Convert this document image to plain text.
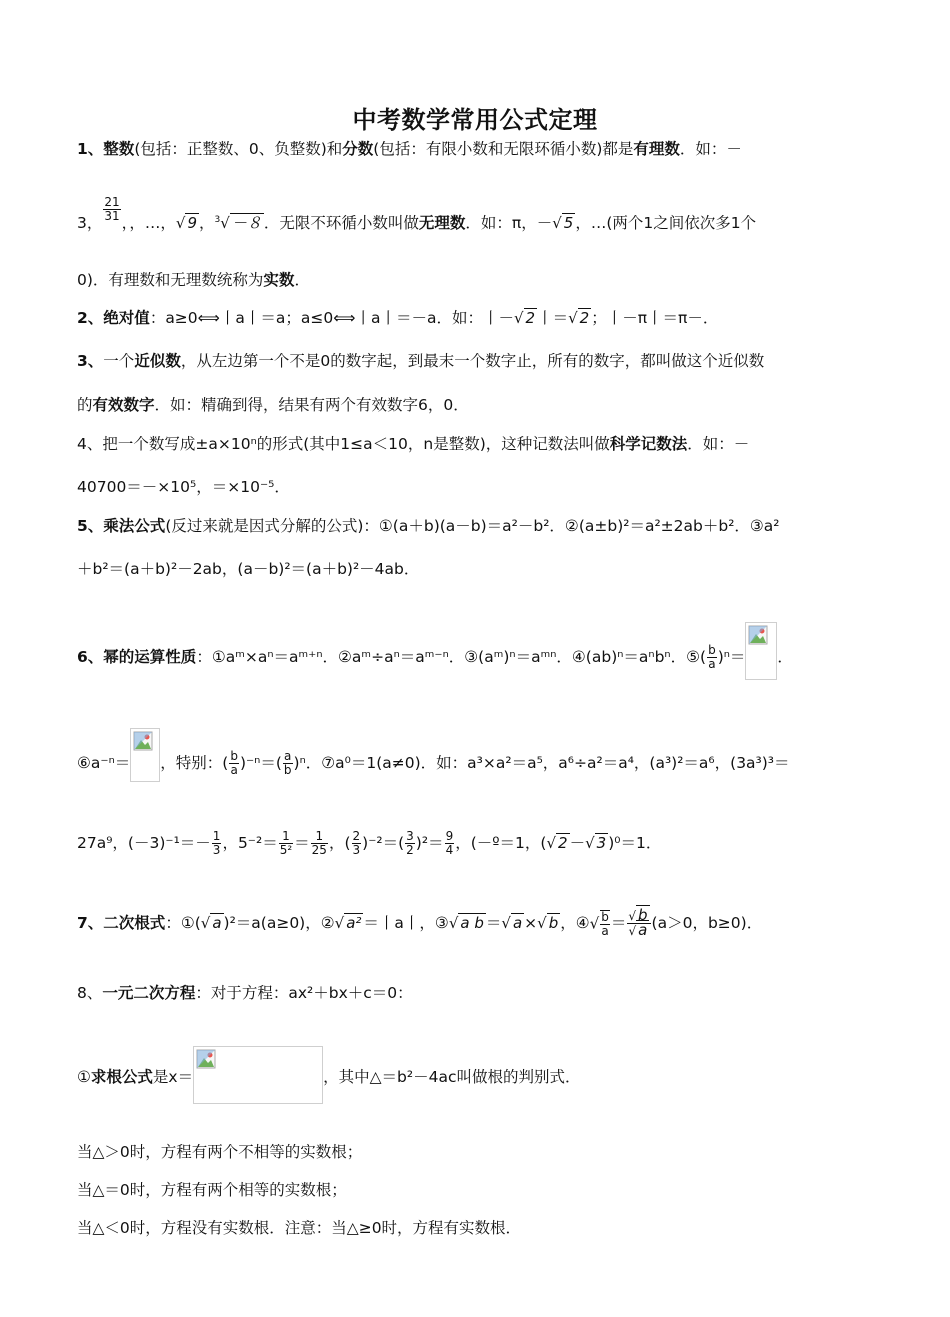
中考数学常用公式定理
1、整数(包括：正整数、0、负整数)和分数(包括：有限小数和无限环循小数)都是有理数．如：－
3， $\frac{21}{31}$ ，，…，√ 9 ，$^3$√ －８ ．无限不环循小数叫做无理数．如：π，－√ 5 ，…(两个1之间依次多1个
0)．有理数和无理数统称为实数．
2、绝对值：a≥0⟺丨a丨＝a；a≤0⟺丨a丨＝－a．如：丨－√ 2 丨＝√ 2 ；丨－π丨＝π－．
3、一个近似数，从左边第一个不是0的数字起，到最末一个数字止，所有的数字，都叫做这个近似数
的有效数字．如：精确到得，结果有两个有效数字6，0．
4、把一个数写成±a×10ⁿ的形式(其中1≤a＜10，n是整数)，这种记数法叫做科学记数法．如：－
40700＝－×10⁵，＝×10⁻⁵．
5、乘法公式(反过来就是因式分解的公式)：①(a＋b)(a－b)＝a²－b²．②(a±b)²＝a²±2ab＋b²．③a²
＋b²＝(a＋b)²－2ab，(a－b)²＝(a＋b)²－4ab．
6、幂的运算性质：①aᵐ×aⁿ＝aᵐ⁺ⁿ．②aᵐ÷aⁿ＝aᵐ⁻ⁿ．③(aᵐ)ⁿ＝aᵐⁿ．④(ab)ⁿ＝aⁿbⁿ．⑤( $\frac{b}{a} )^n=$ ．
⑥a⁻ⁿ＝ ，特别：( $\frac{b}{a} )^{-n}=( \frac{a}{b} )^n$．⑦a⁰＝1(a≠0)．如：a³×a²＝a⁵，a⁶÷a²＝a⁴，(a³)²＝a⁶，(3a³)³＝
27a⁹，$(-3)^{-1}=- \frac{1}{3}$ ，$5^{-2}= \frac{1}{\text{5²}} = \frac{1}{25}$ ，( $\frac{2}{3} )^{-2}=( \frac{3}{2} )^2= \frac{9}{4}$ ，(－º＝1，(√ 2 －√ 3 )⁰＝1．
7、二次根式：①(√ a )²＝a(a≥0)，②√ a² ＝丨a丨，③√ a b ＝√ a ×√ b ，④√ $\frac{b}{a} = \frac{√ b}{√ a} (a>0$，b≥0)．
8、一元二次方程：对于方程：ax²＋bx＋c＝0：
①求根公式是x＝	，其中△＝b²－4ac叫做根的判别式．
当△＞0时，方程有两个不相等的实数根；
当△＝0时，方程有两个相等的实数根；
当△＜0时，方程没有实数根．注意：当△≥0时，方程有实数根．
